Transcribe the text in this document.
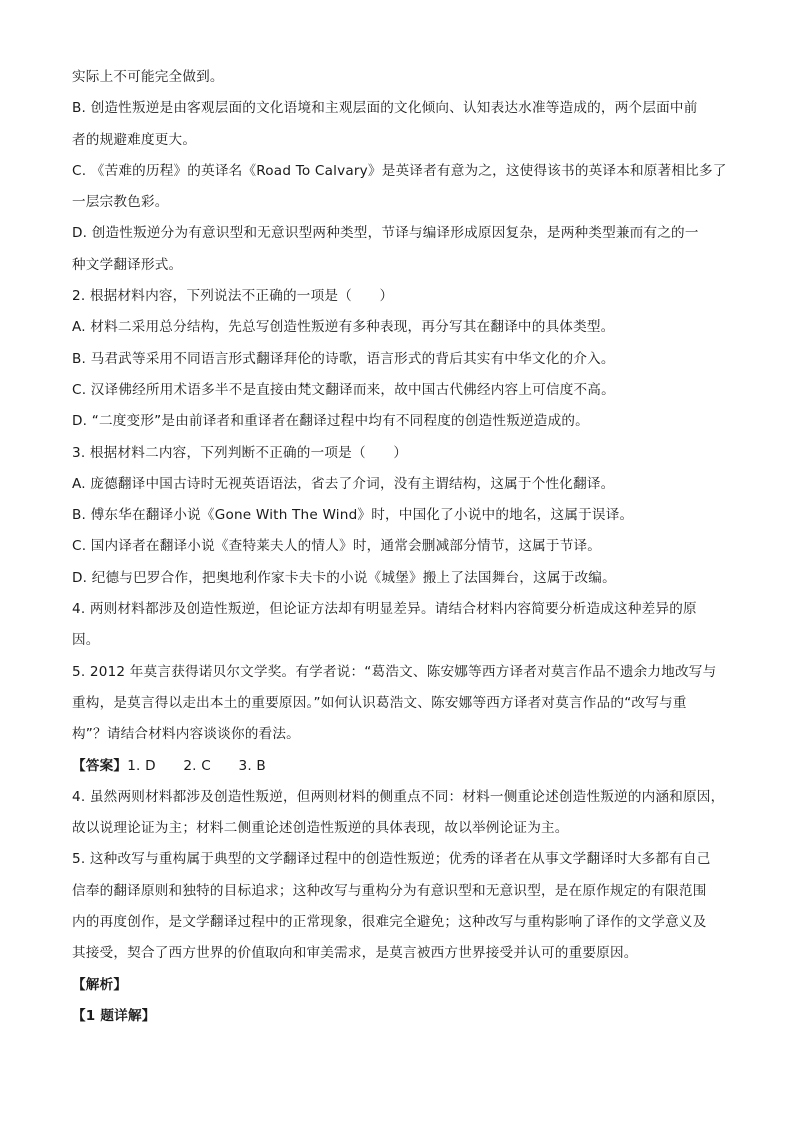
实际上不可能完全做到。
B. 创造性叛逆是由客观层面的文化语境和主观层面的文化倾向、认知表达水准等造成的，两个层面中前
者的规避难度更大。
C. 《苦难的历程》的英译名《Road To Calvary》是英译者有意为之，这使得该书的英译本和原著相比多了
一层宗教色彩。
D. 创造性叛逆分为有意识型和无意识型两种类型，节译与编译形成原因复杂，是两种类型兼而有之的一
种文学翻译形式。
2. 根据材料内容，下列说法不正确的一项是（　　）
A. 材料二采用总分结构，先总写创造性叛逆有多种表现，再分写其在翻译中的具体类型。
B. 马君武等采用不同语言形式翻译拜伦的诗歌，语言形式的背后其实有中华文化的介入。
C. 汉译佛经所用术语多半不是直接由梵文翻译而来，故中国古代佛经内容上可信度不高。
D. “二度变形”是由前译者和重译者在翻译过程中均有不同程度的创造性叛逆造成的。
3. 根据材料二内容，下列判断不正确的一项是（　　）
A. 庞德翻译中国古诗时无视英语语法，省去了介词，没有主谓结构，这属于个性化翻译。
B. 傅东华在翻译小说《Gone With The Wind》时，中国化了小说中的地名，这属于误译。
C. 国内译者在翻译小说《查特莱夫人的情人》时，通常会删减部分情节，这属于节译。
D. 纪德与巴罗合作，把奥地利作家卡夫卡的小说《城堡》搬上了法国舞台，这属于改编。
4. 两则材料都涉及创造性叛逆，但论证方法却有明显差异。请结合材料内容简要分析造成这种差异的原
因。
5. 2012 年莫言获得诺贝尔文学奖。有学者说：“葛浩文、陈安娜等西方译者对莫言作品不遗余力地改写与
重构，是莫言得以走出本土的重要原因。”如何认识葛浩文、陈安娜等西方译者对莫言作品的“改写与重
构”？请结合材料内容谈谈你的看法。
【答案】1. D　　2. C　　3. B
4. 虽然两则材料都涉及创造性叛逆，但两则材料的侧重点不同：材料一侧重论述创造性叛逆的内涵和原因，
故以说理论证为主；材料二侧重论述创造性叛逆的具体表现，故以举例论证为主。
5. 这种改写与重构属于典型的文学翻译过程中的创造性叛逆；优秀的译者在从事文学翻译时大多都有自己
信奉的翻译原则和独特的目标追求；这种改写与重构分为有意识型和无意识型，是在原作规定的有限范围
内的再度创作，是文学翻译过程中的正常现象，很难完全避免；这种改写与重构影响了译作的文学意义及
其接受，契合了西方世界的价值取向和审美需求，是莫言被西方世界接受并认可的重要原因。
【解析】
【1 题详解】
